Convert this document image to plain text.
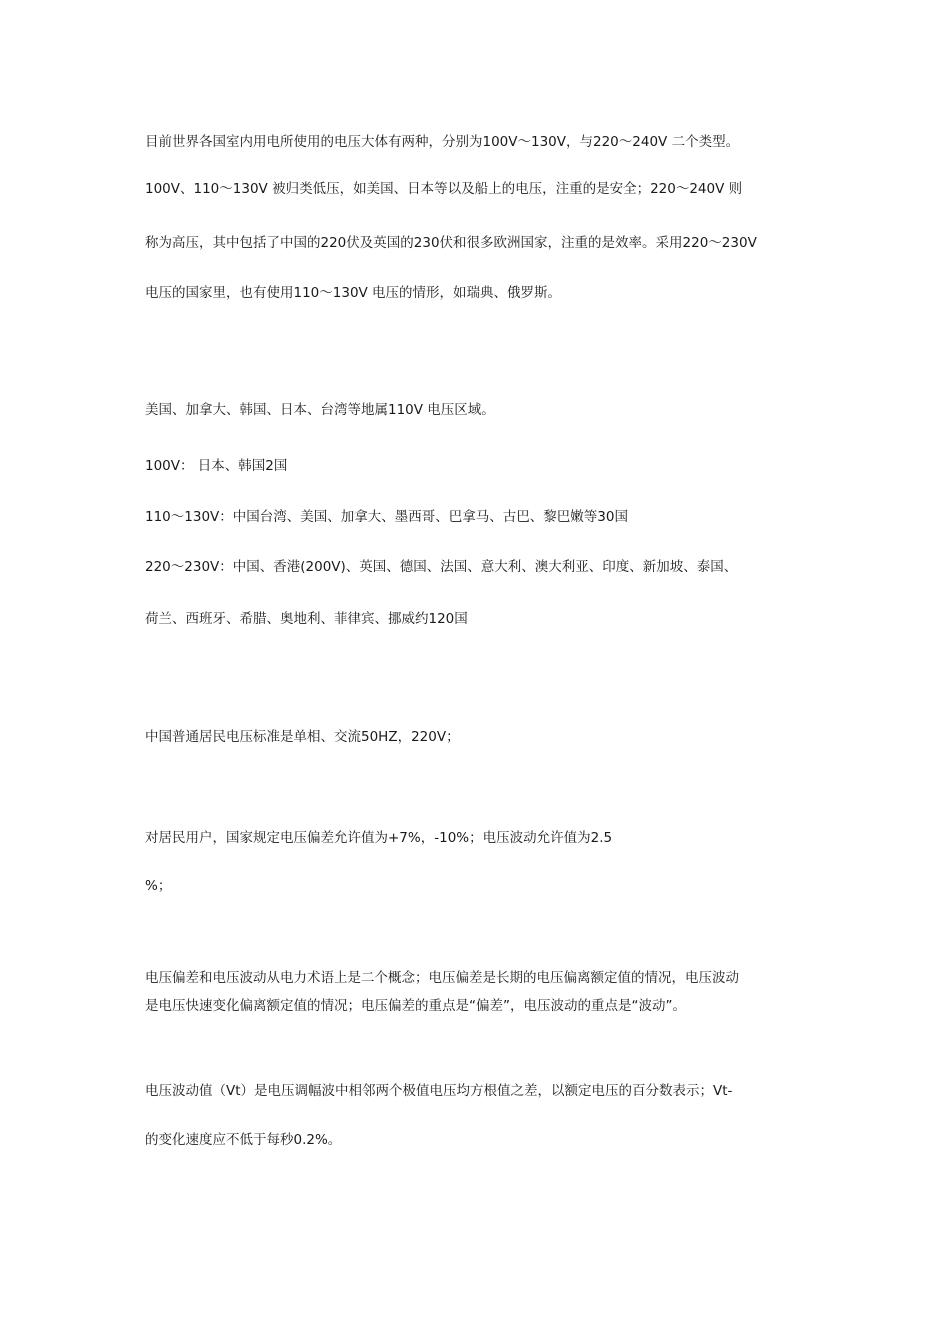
目前世界各国室内用电所使用的电压大体有两种，分别为100V～130V，与220～240V 二个类型。
100V、110～130V 被归类低压，如美国、日本等以及船上的电压，注重的是安全；220～240V 则
称为高压，其中包括了中国的220伏及英国的230伏和很多欧洲国家，注重的是效率。采用220～230V
电压的国家里，也有使用110～130V 电压的情形，如瑞典、俄罗斯。
美国、加拿大、韩国、日本、台湾等地属110V 电压区域。
100V： 日本、韩国2国
110～130V：中国台湾、美国、加拿大、墨西哥、巴拿马、古巴、黎巴嫩等30国
220～230V：中国、香港(200V)、英国、德国、法国、意大利、澳大利亚、印度、新加坡、泰国、
荷兰、西班牙、希腊、奥地利、菲律宾、挪威约120国
中国普通居民电压标准是单相、交流50HZ，220V；
对居民用户，国家规定电压偏差允许值为+7%，-10%；电压波动允许值为2.5
%；
电压偏差和电压波动从电力术语上是二个概念；电压偏差是长期的电压偏离额定值的情况，电压波动
是电压快速变化偏离额定值的情况；电压偏差的重点是“偏差”，电压波动的重点是“波动”。
电压波动值（Vt）是电压调幅波中相邻两个极值电压均方根值之差，以额定电压的百分数表示；Vt-
的变化速度应不低于每秒0.2%。
